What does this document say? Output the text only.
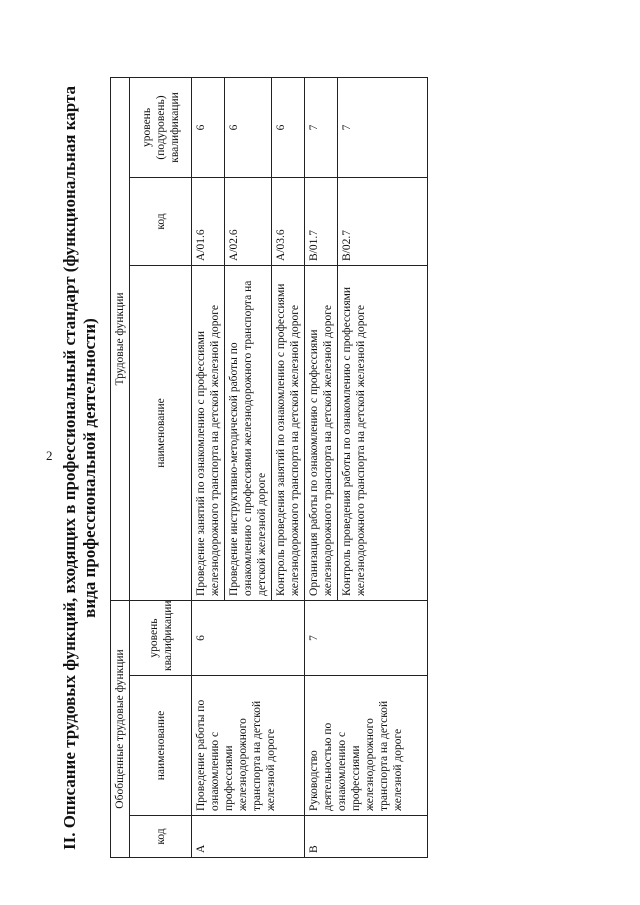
2 II. Описание трудовых функций, входящих в профессиональный стандарт (функциональная карта вида профессиональной деятельности)
Обобщенные трудовые функции			Трудовые функции		
код	наименование	уровень квалификации	наименование	код	уровень (подуровень) квалификации
А	Проведение работы по ознакомлению с профессиями железнодорожного транспорта на детской железной дороге	6	Проведение занятий по ознакомлению с профессиями железнодорожного транспорта на детской железной дороге	А/01.6	6
			Проведение инструктивно-методической работы по ознакомлению с профессиями железнодорожного транспорта на детской железной дороге	А/02.6	6
			Контроль проведения занятий по ознакомлению с профессиями железнодорожного транспорта на детской железной дороге	А/03.6	6
В	Руководство деятельностью по ознакомлению с профессиями железнодорожного транспорта на детской железной дороге	7	Организация работы по ознакомлению с профессиями железнодорожного транспорта на детской железной дороге	В/01.7	7
			Контроль проведения работы по ознакомлению с профессиями железнодорожного транспорта на детской железной дороге	В/02.7	7
